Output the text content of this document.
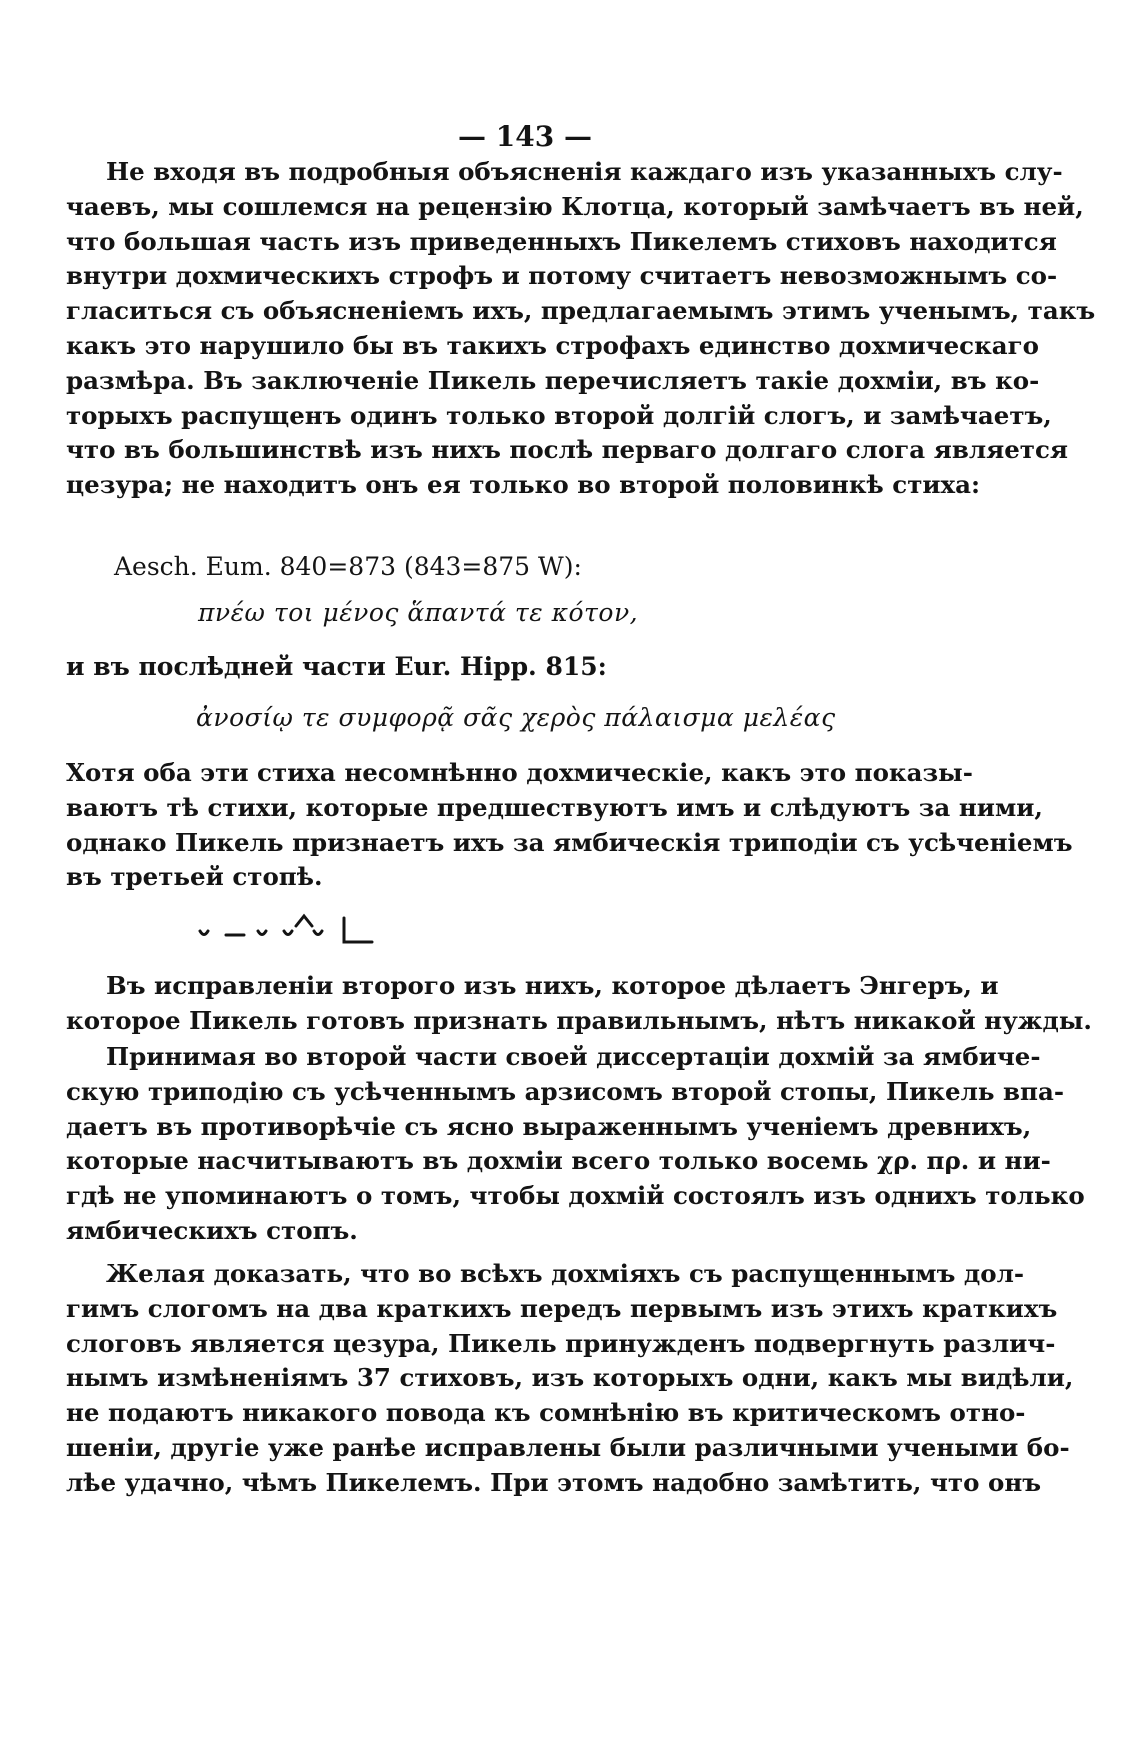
— 143 —

Не входя въ подробныя объясненія каждаго изъ указанныхъ слу-
чаевъ, мы сошлемся на рецензію Клотца, который замѣчаетъ въ ней,
что большая часть изъ приведенныхъ Пикелемъ стиховъ находится
внутри дохмическихъ строфъ и потому считаетъ невозможнымъ со-
гласиться съ объясненіемъ ихъ, предлагаемымъ этимъ ученымъ, такъ
какъ это нарушило бы въ такихъ строфахъ единство дохмическаго
размѣра. Въ заключеніе Пикель перечисляетъ такіе дохміи, въ ко-
торыхъ распущенъ одинъ только второй долгій слогъ, и замѣчаетъ,
что въ большинствѣ изъ нихъ послѣ перваго долгаго слога является
цезура; не находитъ онъ ея только во второй половинкѣ стиха:

Aesch. Eum. 840=873 (843=875 W):
πνέω τοι μένος ἅπαντά τε κότον,
и въ послѣдней части Eur. Hipp. 815:
ἀνοσίῳ τε συμφορᾷ σᾶς χερὸς πάλαισμα μελέας

Хотя оба эти стиха несомнѣнно дохмическіе, какъ это показы-
ваютъ тѣ стихи, которые предшествуютъ имъ и слѣдуютъ за ними,
однако Пикель признаетъ ихъ за ямбическія триподіи съ усѣченіемъ
въ третьей стопѣ.

Въ исправленіи второго изъ нихъ, которое дѣлаетъ Энгеръ, и
которое Пикель готовъ признать правильнымъ, нѣтъ никакой нужды.

Принимая во второй части своей диссертаціи дохмій за ямбиче-
скую триподію съ усѣченнымъ арзисомъ второй стопы, Пикель впа-
даетъ въ противорѣчіе съ ясно выраженнымъ ученіемъ древнихъ,
которые насчитываютъ въ дохміи всего только восемь χρ. πρ. и ни-
гдѣ не упоминаютъ о томъ, чтобы дохмій состоялъ изъ однихъ только
ямбическихъ стопъ.

Желая доказать, что во всѣхъ дохміяхъ съ распущеннымъ дол-
гимъ слогомъ на два краткихъ передъ первымъ изъ этихъ краткихъ
слоговъ является цезура, Пикель принужденъ подвергнуть различ-
нымъ измѣненіямъ 37 стиховъ, изъ которыхъ одни, какъ мы видѣли,
не подаютъ никакого повода къ сомнѣнію въ критическомъ отно-
шеніи, другіе уже ранѣе исправлены были различными учеными бо-
лѣе удачно, чѣмъ Пикелемъ. При этомъ надобно замѣтить, что онъ
